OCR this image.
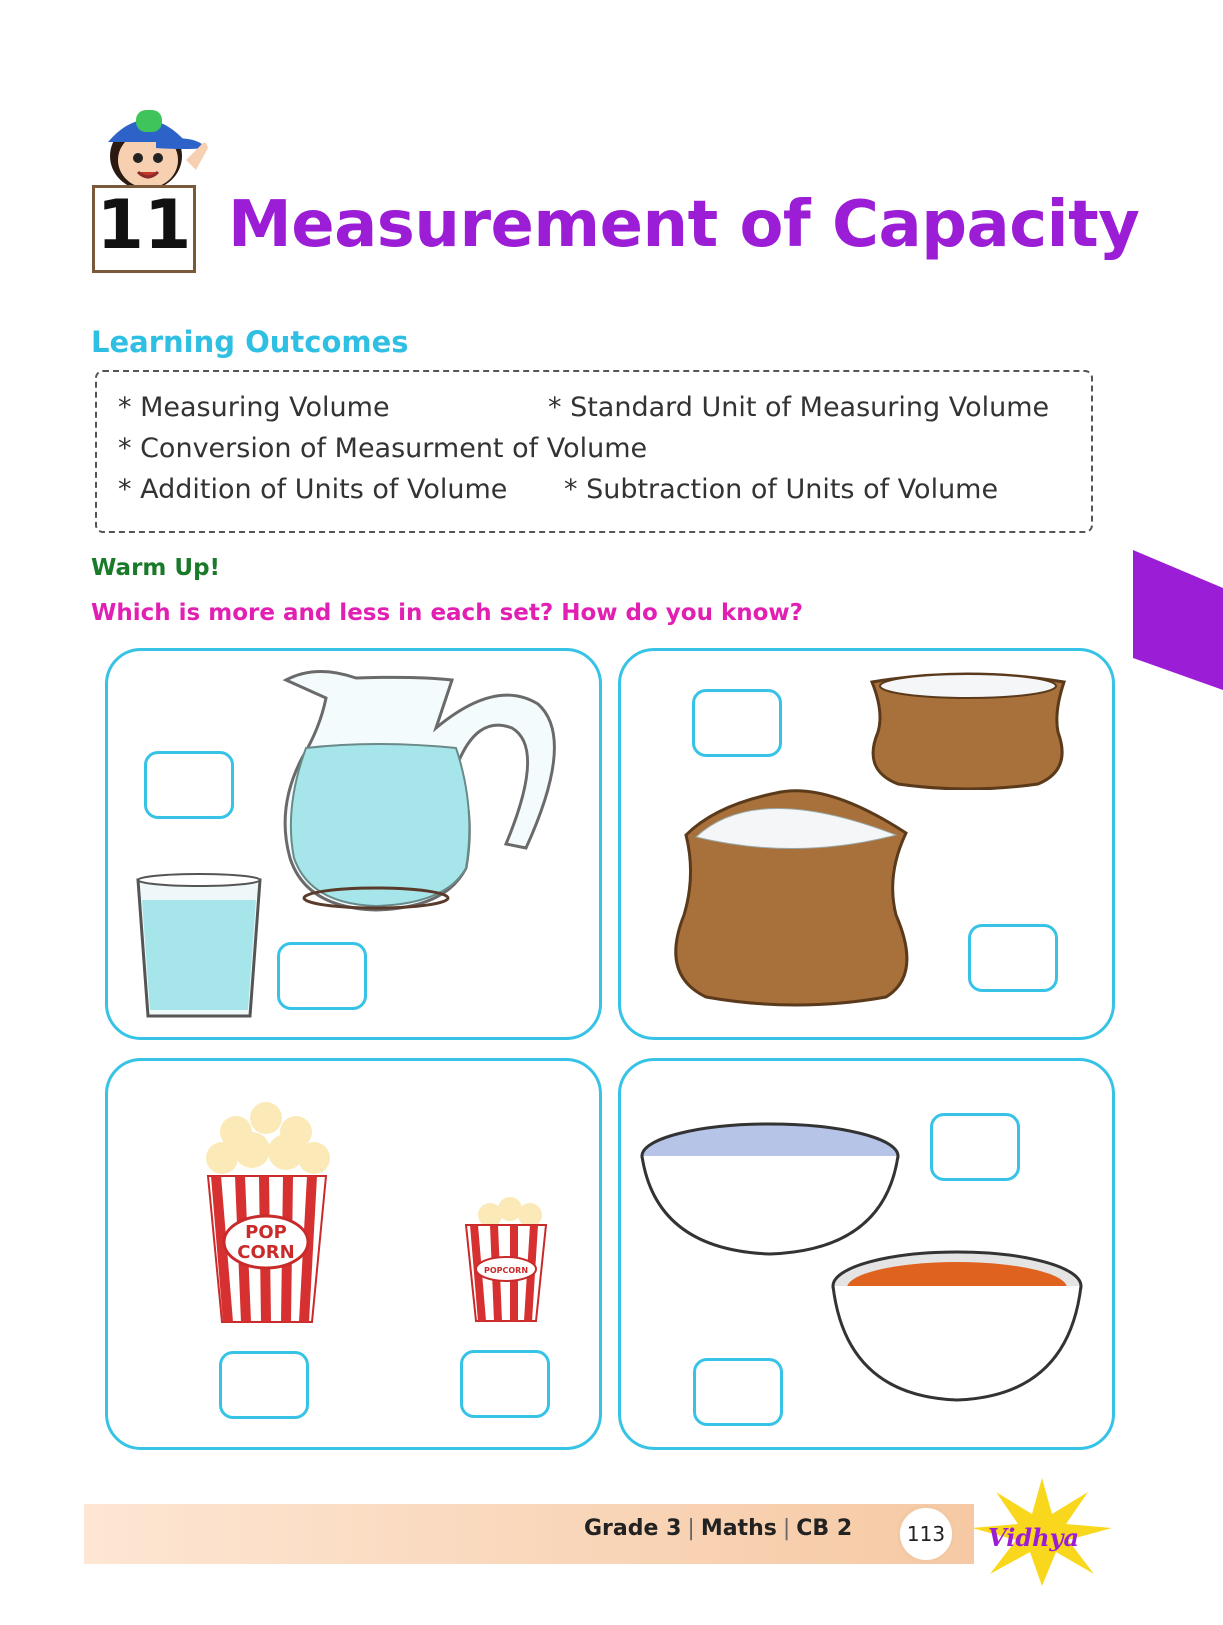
11 Measurement of Capacity
Learning Outcomes
* Measuring Volume	* Standard Unit of Measuring Volume
* Conversion of Measurment of Volume
* Addition of Units of Volume * Subtraction of Units of Volume
Warm Up!
Which is more and less in each set? How do you know?
POP
CORN
POPCORN
Grade 3 | Maths | CB 2	113	Vidhya
